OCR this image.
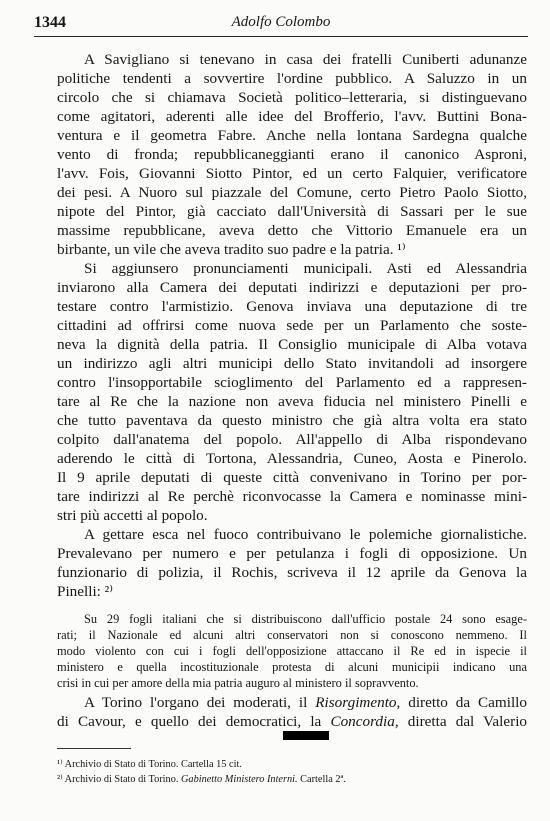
1344	Adolfo Colombo
A Savigliano si tenevano in casa dei fratelli Cuniberti adunanze
politiche tendenti a sovvertire l'ordine pubblico. A Saluzzo in un
circolo che si chiamava Società politico–letteraria, si distinguevano
come agitatori, aderenti alle idee del Brofferio, l'avv. Buttini Bona-
ventura e il geometra Fabre. Anche nella lontana Sardegna qualche
vento di fronda; repubblicaneggianti erano il canonico Asproni,
l'avv. Fois, Giovanni Siotto Pintor, ed un certo Falquier, verificatore
dei pesi. A Nuoro sul piazzale del Comune, certo Pietro Paolo Siotto,
nipote del Pintor, già cacciato dall'Università di Sassari per le sue
massime repubblicane, aveva detto che Vittorio Emanuele era un
birbante, un vile che aveva tradito suo padre e la patria. ¹⁾
Si aggiunsero pronunciamenti municipali. Asti ed Alessandria
inviarono alla Camera dei deputati indirizzi e deputazioni per pro-
testare contro l'armistizio. Genova inviava una deputazione di tre
cittadini ad offrirsi come nuova sede per un Parlamento che soste-
neva la dignità della patria. Il Consiglio municipale di Alba votava
un indirizzo agli altri municipi dello Stato invitandoli ad insorgere
contro l'insopportabile scioglimento del Parlamento ed a rappresen-
tare al Re che la nazione non aveva fiducia nel ministero Pinelli e
che tutto paventava da questo ministro che già altra volta era stato
colpito dall'anatema del popolo. All'appello di Alba rispondevano
aderendo le città di Tortona, Alessandria, Cuneo, Aosta e Pinerolo.
Il 9 aprile deputati di queste città convenivano in Torino per por-
tare indirizzi al Re perchè riconvocasse la Camera e nominasse mini-
stri più accetti al popolo.
A gettare esca nel fuoco contribuivano le polemiche giornalistiche.
Prevalevano per numero e per petulanza i fogli di opposizione. Un
funzionario di polizia, il Rochis, scriveva il 12 aprile da Genova la
Pinelli: ²⁾
Su 29 fogli italiani che si distribuiscono dall'ufficio postale 24 sono esage-
rati; il Nazionale ed alcuni altri conservatori non si conoscono nemmeno. Il
modo violento con cui i fogli dell'opposizione attaccano il Re ed in ispecie il
ministero e quella incostituzionale protesta di alcuni municipii indicano una
crisi in cui per amore della mia patria auguro al ministero il sopravvento.
A Torino l'organo dei moderati, il Risorgimento, diretto da Camillo
di Cavour, e quello dei democratici, la Concordia, diretta dal Valerio
¹⁾ Archivio di Stato di Torino. Cartella 15 cit.
²⁾ Archivio di Stato di Torino. Gabinetto Ministero Interni. Cartella 2ª.
